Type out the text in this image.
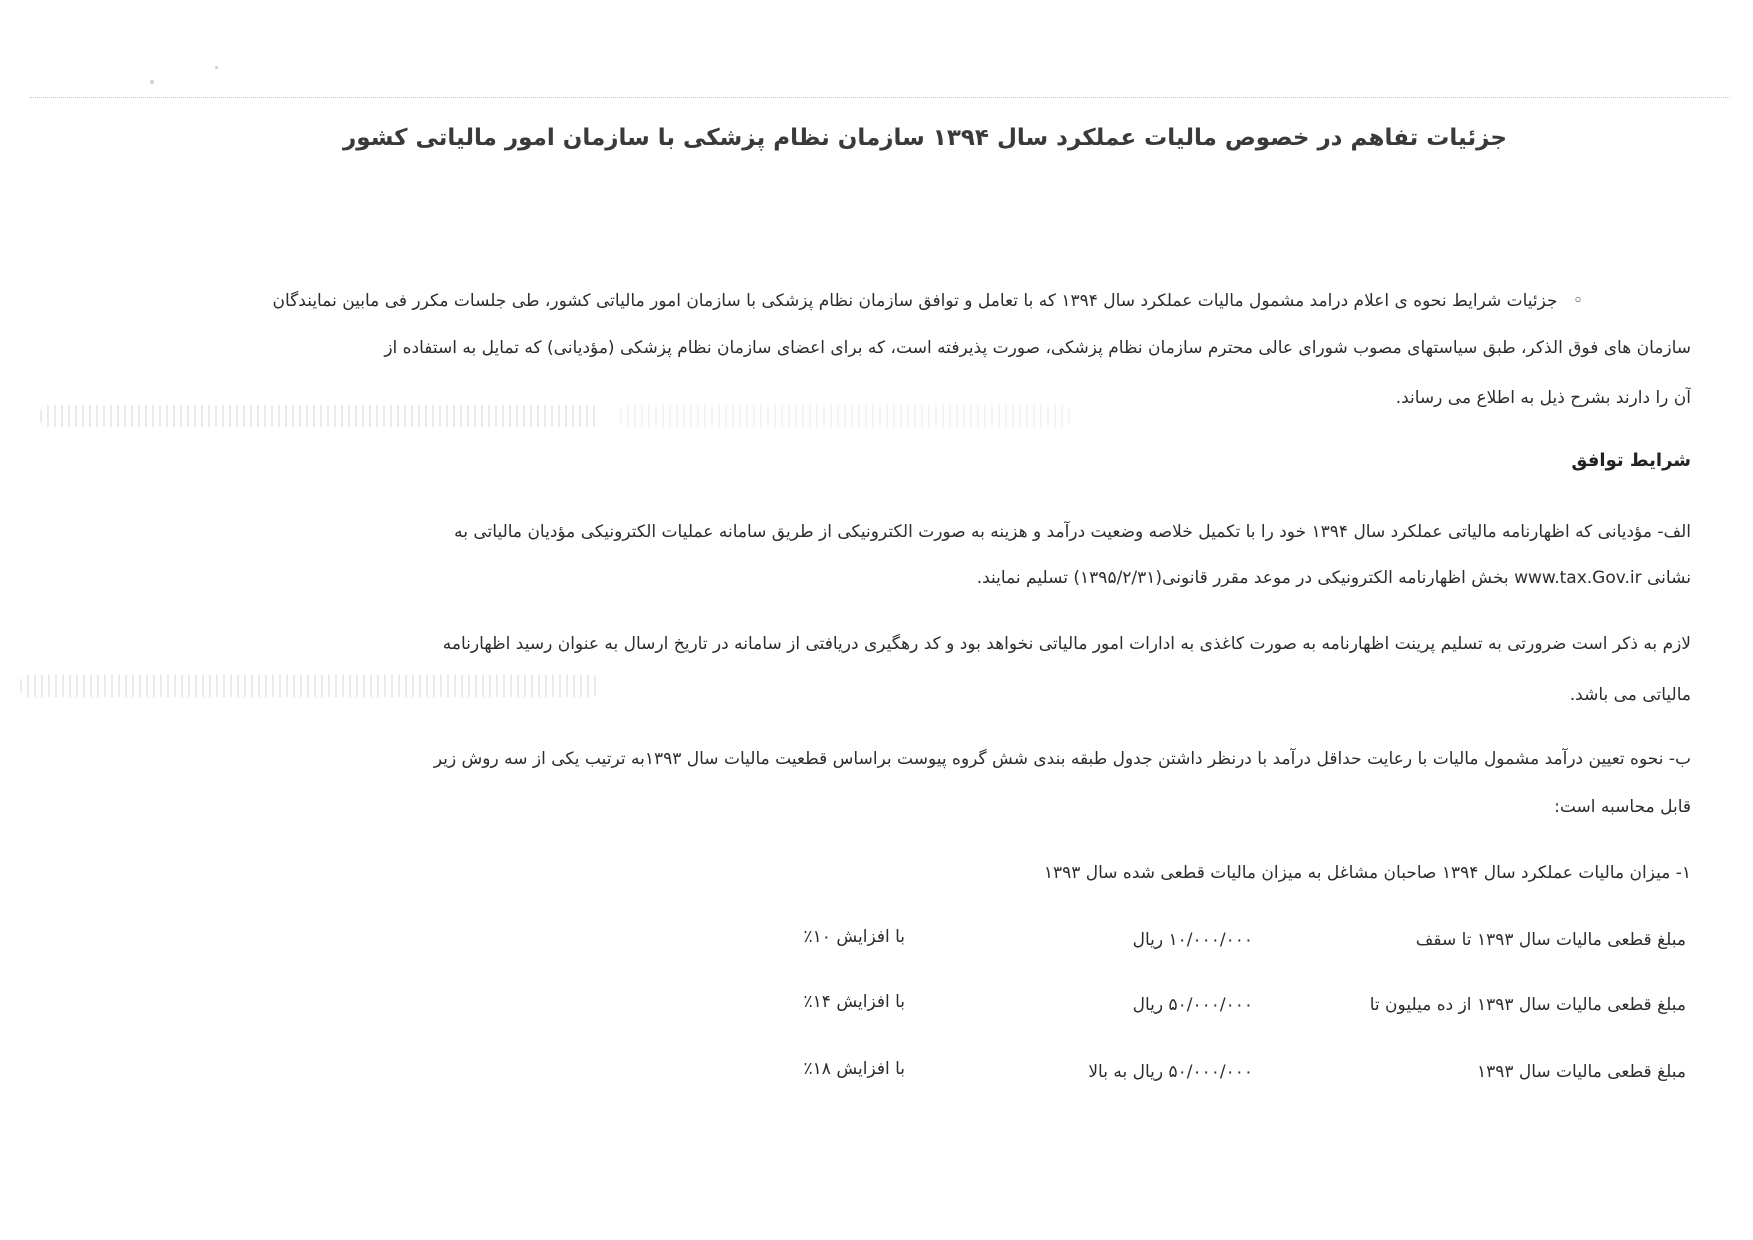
جزئیات تفاهم در خصوص مالیات عملکرد سال ۱۳۹۴ سازمان نظام پزشکی با سازمان امور مالیاتی کشور
◦ جزئیات شرایط نحوه ی اعلام درامد مشمول مالیات عملکرد سال ۱۳۹۴ که با تعامل و توافق سازمان نظام پزشکی با سازمان امور مالیاتی کشور، طی جلسات مکرر فی مابین نمایندگان
سازمان های فوق الذکر، طبق سیاستهای مصوب شورای عالی محترم سازمان نظام پزشکی، صورت پذیرفته است، که برای اعضای سازمان نظام پزشکی (مؤدیانی) که تمایل به استفاده از
آن را دارند بشرح ذیل به اطلاع می رساند.
شرایط توافق
الف- مؤدیانی که اظهارنامه مالیاتی عملکرد سال ۱۳۹۴ خود را با تکمیل خلاصه وضعیت درآمد و هزینه به صورت الکترونیکی از طریق سامانه عملیات الکترونیکی مؤدیان مالیاتی به
نشانی www.tax.Gov.ir بخش اظهارنامه الکترونیکی در موعد مقرر قانونی(۱۳۹۵/۲/۳۱) تسلیم نمایند.
لازم به ذکر است ضرورتی به تسلیم پرینت اظهارنامه به صورت کاغذی به ادارات امور مالیاتی نخواهد بود و کد رهگیری دریافتی از سامانه در تاریخ ارسال به عنوان رسید اظهارنامه
مالیاتی می باشد.
ب- نحوه تعیین درآمد مشمول مالیات با رعایت حداقل درآمد با درنظر داشتن جدول طبقه بندی شش گروه پیوست براساس قطعیت مالیات سال ۱۳۹۳به ترتیب یکی از سه روش زیر
قابل محاسبه است:
۱- میزان مالیات عملکرد سال ۱۳۹۴ صاحبان مشاغل به میزان مالیات قطعی شده سال ۱۳۹۳
مبلغ قطعی مالیات سال ۱۳۹۳ تا سقف
۱۰/۰۰۰/۰۰۰ ریال
با افزایش ۱۰٪
مبلغ قطعی مالیات سال ۱۳۹۳ از ده میلیون تا
۵۰/۰۰۰/۰۰۰ ریال
با افزایش ۱۴٪
مبلغ قطعی مالیات سال ۱۳۹۳
۵۰/۰۰۰/۰۰۰ ریال به بالا
با افزایش ۱۸٪
